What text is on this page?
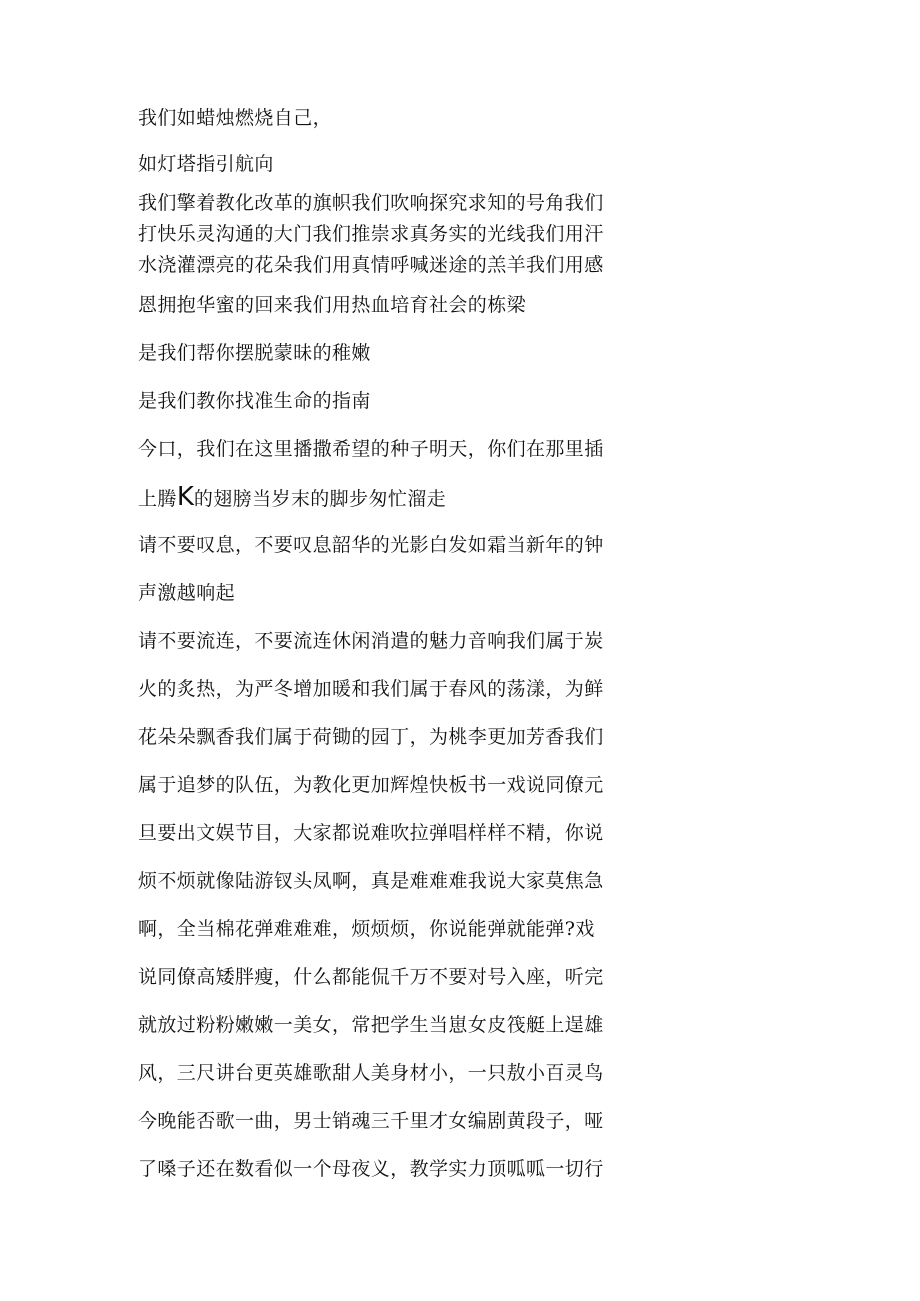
我们如蜡烛燃烧自己，

如灯塔指引航向

我们擎着教化改革的旗帜我们吹响探究求知的号角我们

打快乐灵沟通的大门我们推崇求真务实的光线我们用汗

水浇灌漂亮的花朵我们用真情呼喊迷途的羔羊我们用感

恩拥抱华蜜的回来我们用热血培育社会的栋梁

是我们帮你摆脱蒙昧的稚嫩

是我们教你找准生命的指南

今口，我们在这里播撒希望的种子明天，你们在那里插

上腾K的翅膀当岁末的脚步匆忙溜走

请不要叹息，不要叹息韶华的光影白发如霜当新年的钟

声激越响起

请不要流连，不要流连休闲消遣的魅力音响我们属于炭

火的炙热，为严冬增加暖和我们属于春风的荡漾，为鲜

花朵朵飘香我们属于荷锄的园丁，为桃李更加芳香我们

属于追梦的队伍，为教化更加辉煌快板书一戏说同僚元

旦要出文娱节目，大家都说难吹拉弹唱样样不精，你说

烦不烦就像陆游钗头凤啊，真是难难难我说大家莫焦急

啊，全当棉花弹难难难，烦烦烦，你说能弹就能弹?戏

说同僚高矮胖瘦，什么都能侃千万不要对号入座，听完

就放过粉粉嫩嫩一美女，常把学生当崽女皮筏艇上逞雄

风，三尺讲台更英雄歌甜人美身材小，一只敖小百灵鸟

今晚能否歌一曲，男士销魂三千里才女编剧黄段子，哑

了嗓子还在数看似一个母夜义，教学实力顶呱呱一切行
